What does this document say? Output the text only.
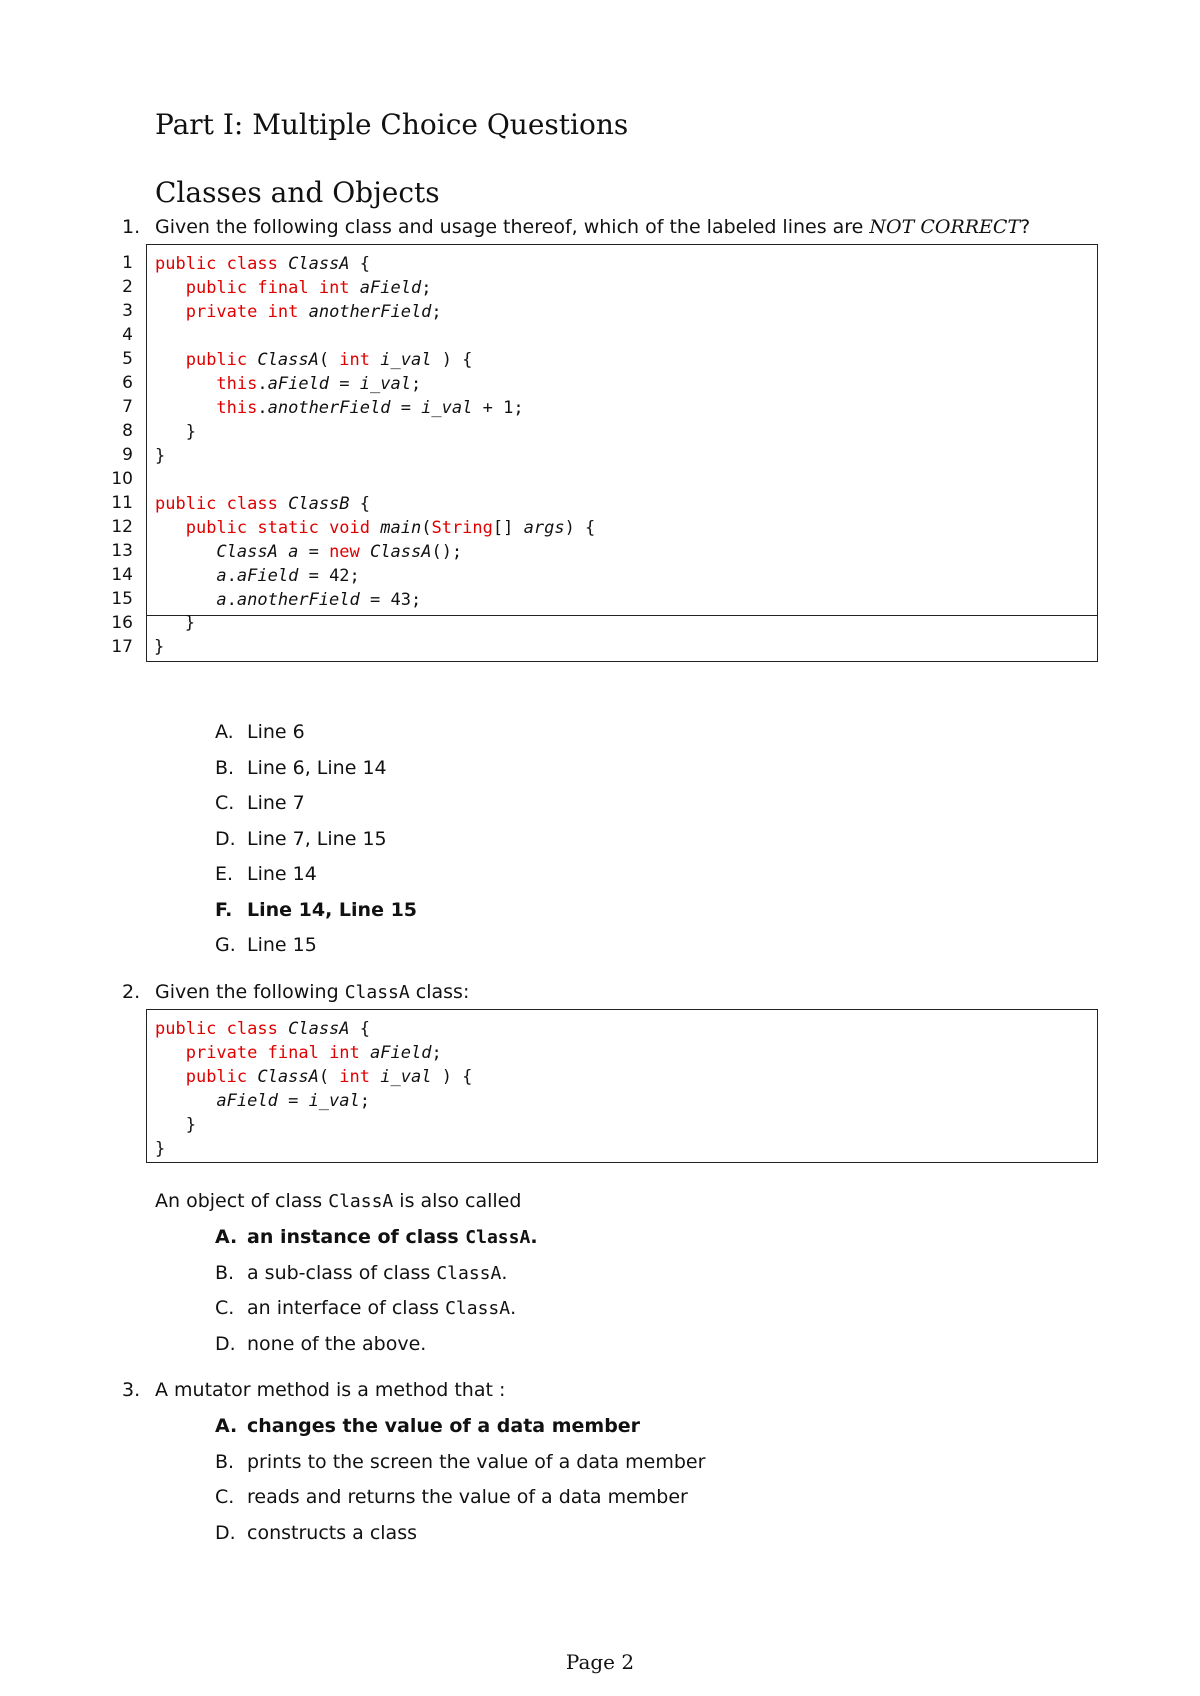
Part I: Multiple Choice Questions
Classes and Objects
1. Given the following class and usage thereof, which of the labeled lines are NOT CORRECT?
1
2
3
4
5
6
7
8
9
10
11
12
13
14
15
16
17
public class ClassA {
public final int aField;
private int anotherField;
public ClassA( int i_val ) {
this.aField = i_val;
this.anotherField = i_val + 1;
}
}
public class ClassB {
public static void main(String[] args) {
ClassA a = new ClassA();
a.aField = 42;
a.anotherField = 43;
}
}
A. Line 6
B. Line 6, Line 14
C. Line 7
D. Line 7, Line 15
E. Line 14
F. Line 14, Line 15
G. Line 15
2. Given the following ClassA class:
public class ClassA {
private final int aField;
public ClassA( int i_val ) {
aField = i_val;
}
}
An object of class ClassA is also called
A. an instance of class ClassA.
B. a sub-class of class ClassA.
C. an interface of class ClassA.
D. none of the above.
3. A mutator method is a method that :
A. changes the value of a data member
B. prints to the screen the value of a data member
C. reads and returns the value of a data member
D. constructs a class
Page 2
